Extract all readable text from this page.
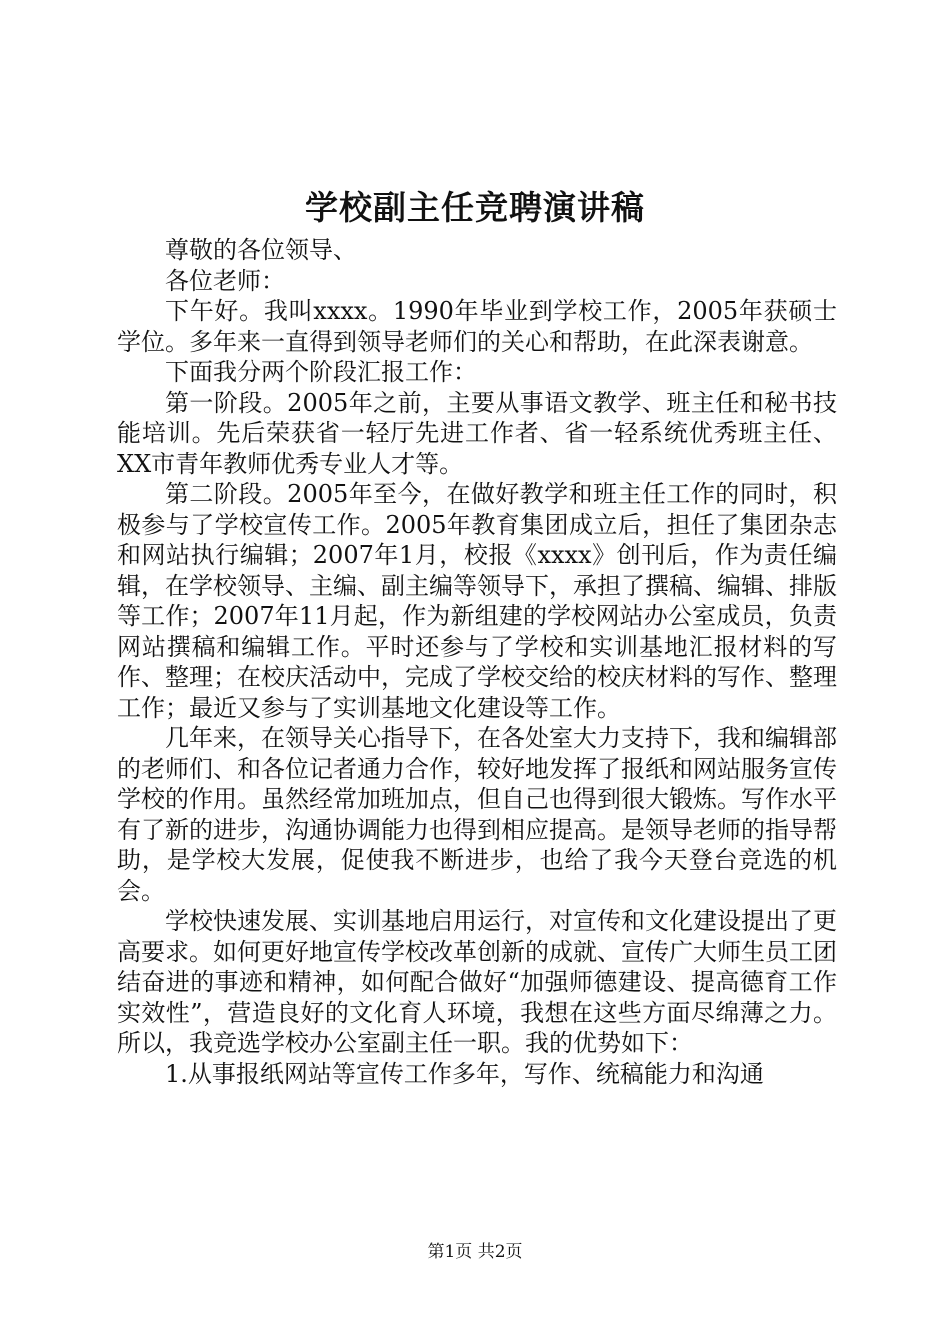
学校副主任竞聘演讲稿

尊敬的各位领导、

各位老师：

下午好。我叫xxxx。1990年毕业到学校工作，2005年获硕士学位。多年来一直得到领导老师们的关心和帮助，在此深表谢意。

下面我分两个阶段汇报工作：

第一阶段。2005年之前，主要从事语文教学、班主任和秘书技能培训。先后荣获省一轻厅先进工作者、省一轻系统优秀班主任、XX市青年教师优秀专业人才等。

第二阶段。2005年至今，在做好教学和班主任工作的同时，积极参与了学校宣传工作。2005年教育集团成立后，担任了集团杂志和网站执行编辑；2007年1月，校报《xxxx》创刊后，作为责任编辑，在学校领导、主编、副主编等领导下，承担了撰稿、编辑、排版等工作；2007年11月起，作为新组建的学校网站办公室成员，负责网站撰稿和编辑工作。平时还参与了学校和实训基地汇报材料的写作、整理；在校庆活动中，完成了学校交给的校庆材料的写作、整理工作；最近又参与了实训基地文化建设等工作。

几年来，在领导关心指导下，在各处室大力支持下，我和编辑部的老师们、和各位记者通力合作，较好地发挥了报纸和网站服务宣传学校的作用。虽然经常加班加点，但自己也得到很大锻炼。写作水平有了新的进步，沟通协调能力也得到相应提高。是领导老师的指导帮助，是学校大发展，促使我不断进步，也给了我今天登台竞选的机会。

学校快速发展、实训基地启用运行，对宣传和文化建设提出了更高要求。如何更好地宣传学校改革创新的成就、宣传广大师生员工团结奋进的事迹和精神，如何配合做好“加强师德建设、提高德育工作实效性”，营造良好的文化育人环境，我想在这些方面尽绵薄之力。所以，我竞选学校办公室副主任一职。我的优势如下：

1.从事报纸网站等宣传工作多年，写作、统稿能力和沟通

第1页 共2页
